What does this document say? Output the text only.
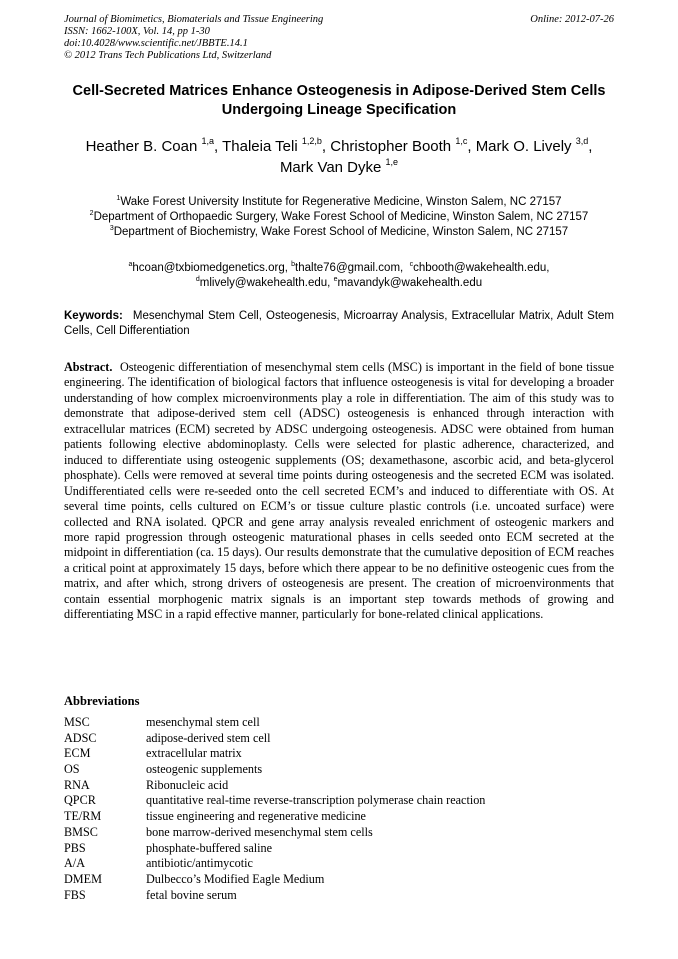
Journal of Biomimetics, Biomaterials and Tissue Engineering
ISSN: 1662-100X, Vol. 14, pp 1-30
doi:10.4028/www.scientific.net/JBBTE.14.1
© 2012 Trans Tech Publications Ltd, Switzerland
Online: 2012-07-26
Cell-Secreted Matrices Enhance Osteogenesis in Adipose-Derived Stem Cells Undergoing Lineage Specification
Heather B. Coan $^{1,a}$, Thaleia Teli $^{1,2,b}$, Christopher Booth $^{1,c}$, Mark O. Lively $^{3,d}$,
Mark Van Dyke $^{1,e}$
$^1$Wake Forest University Institute for Regenerative Medicine, Winston Salem, NC 27157
$^2$Department of Orthopaedic Surgery, Wake Forest School of Medicine, Winston Salem, NC 27157
$^3$Department of Biochemistry, Wake Forest School of Medicine, Winston Salem, NC 27157
$^a$hcoan@txbiomedgenetics.org, $^b$thalte76@gmail.com,  $^c$chbooth@wakehealth.edu,
$^d$mlively@wakehealth.edu, $^e$mavandyk@wakehealth.edu
Keywords: Mesenchymal Stem Cell, Osteogenesis, Microarray Analysis, Extracellular Matrix, Adult Stem Cells, Cell Differentiation
Abstract. Osteogenic differentiation of mesenchymal stem cells (MSC) is important in the field of bone tissue engineering. The identification of biological factors that influence osteogenesis is vital for developing a broader understanding of how complex microenvironments play a role in differentiation. The aim of this study was to demonstrate that adipose-derived stem cell (ADSC) osteogenesis is enhanced through interaction with extracellular matrices (ECM) secreted by ADSC undergoing osteogenesis. ADSC were obtained from human patients following elective abdominoplasty. Cells were selected for plastic adherence, characterized, and induced to differentiate using osteogenic supplements (OS; dexamethasone, ascorbic acid, and beta-glycerol phosphate). Cells were removed at several time points during osteogenesis and the secreted ECM was isolated. Undifferentiated cells were re-seeded onto the cell secreted ECM’s and induced to differentiate with OS. At several time points, cells cultured on ECM’s or tissue culture plastic controls (i.e. uncoated surface) were collected and RNA isolated. QPCR and gene array analysis revealed enrichment of osteogenic markers and more rapid progression through osteogenic maturational phases in cells seeded onto ECM secreted at the midpoint in differentiation (ca. 15 days). Our results demonstrate that the cumulative deposition of ECM reaches a critical point at approximately 15 days, before which there appear to be no definitive osteogenic cues from the matrix, and after which, strong drivers of osteogenesis are present. The creation of microenvironments that contain essential morphogenic matrix signals is an important step towards methods of growing and differentiating MSC in a rapid effective manner, particularly for bone-related clinical applications.
Abbreviations
MSC	mesenchymal stem cell
ADSC	adipose-derived stem cell
ECM	extracellular matrix
OS	osteogenic supplements
RNA	Ribonucleic acid
QPCR	quantitative real-time reverse-transcription polymerase chain reaction
TE/RM	tissue engineering and regenerative medicine
BMSC	bone marrow-derived mesenchymal stem cells
PBS	phosphate-buffered saline
A/A	antibiotic/antimycotic
DMEM	Dulbecco’s Modified Eagle Medium
FBS	fetal bovine serum
